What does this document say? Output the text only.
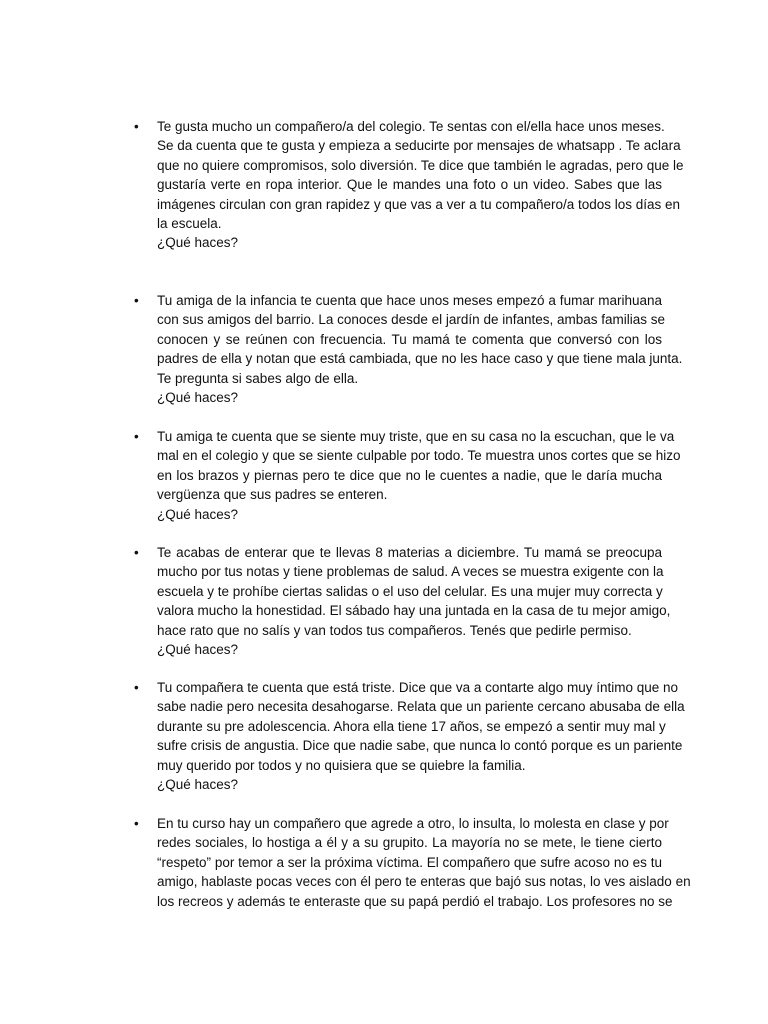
• Te gusta mucho un compañero/a del colegio. Te sentas con el/ella hace unos meses.
Se da cuenta que te gusta y empieza a seducirte por mensajes de whatsapp . Te aclara
que no quiere compromisos, solo diversión. Te dice que también le agradas, pero que le
gustaría verte en ropa interior. Que le mandes una foto o un video. Sabes que las
imágenes circulan con gran rapidez y que vas a ver a tu compañero/a todos los días en
la escuela.
¿Qué haces?
• Tu amiga de la infancia te cuenta que hace unos meses empezó a fumar marihuana
con sus amigos del barrio. La conoces desde el jardín de infantes, ambas familias se
conocen y se reúnen con frecuencia. Tu mamá te comenta que conversó con los
padres de ella y notan que está cambiada, que no les hace caso y que tiene mala junta.
Te pregunta si sabes algo de ella.
¿Qué haces?
• Tu amiga te cuenta que se siente muy triste, que en su casa no la escuchan, que le va
mal en el colegio y que se siente culpable por todo. Te muestra unos cortes que se hizo
en los brazos y piernas pero te dice que no le cuentes a nadie, que le daría mucha
vergüenza que sus padres se enteren.
¿Qué haces?
• Te acabas de enterar que te llevas 8 materias a diciembre. Tu mamá se preocupa
mucho por tus notas y tiene problemas de salud. A veces se muestra exigente con la
escuela y te prohíbe ciertas salidas o el uso del celular. Es una mujer muy correcta y
valora mucho la honestidad. El sábado hay una juntada en la casa de tu mejor amigo,
hace rato que no salís y van todos tus compañeros. Tenés que pedirle permiso.
¿Qué haces?
• Tu compañera te cuenta que está triste. Dice que va a contarte algo muy íntimo que no
sabe nadie pero necesita desahogarse. Relata que un pariente cercano abusaba de ella
durante su pre adolescencia. Ahora ella tiene 17 años, se empezó a sentir muy mal y
sufre crisis de angustia. Dice que nadie sabe, que nunca lo contó porque es un pariente
muy querido por todos y no quisiera que se quiebre la familia.
¿Qué haces?
• En tu curso hay un compañero que agrede a otro, lo insulta, lo molesta en clase y por
redes sociales, lo hostiga a él y a su grupito. La mayoría no se mete, le tiene cierto
“respeto” por temor a ser la próxima víctima. El compañero que sufre acoso no es tu
amigo, hablaste pocas veces con él pero te enteras que bajó sus notas, lo ves aislado en
los recreos y además te enteraste que su papá perdió el trabajo. Los profesores no se
